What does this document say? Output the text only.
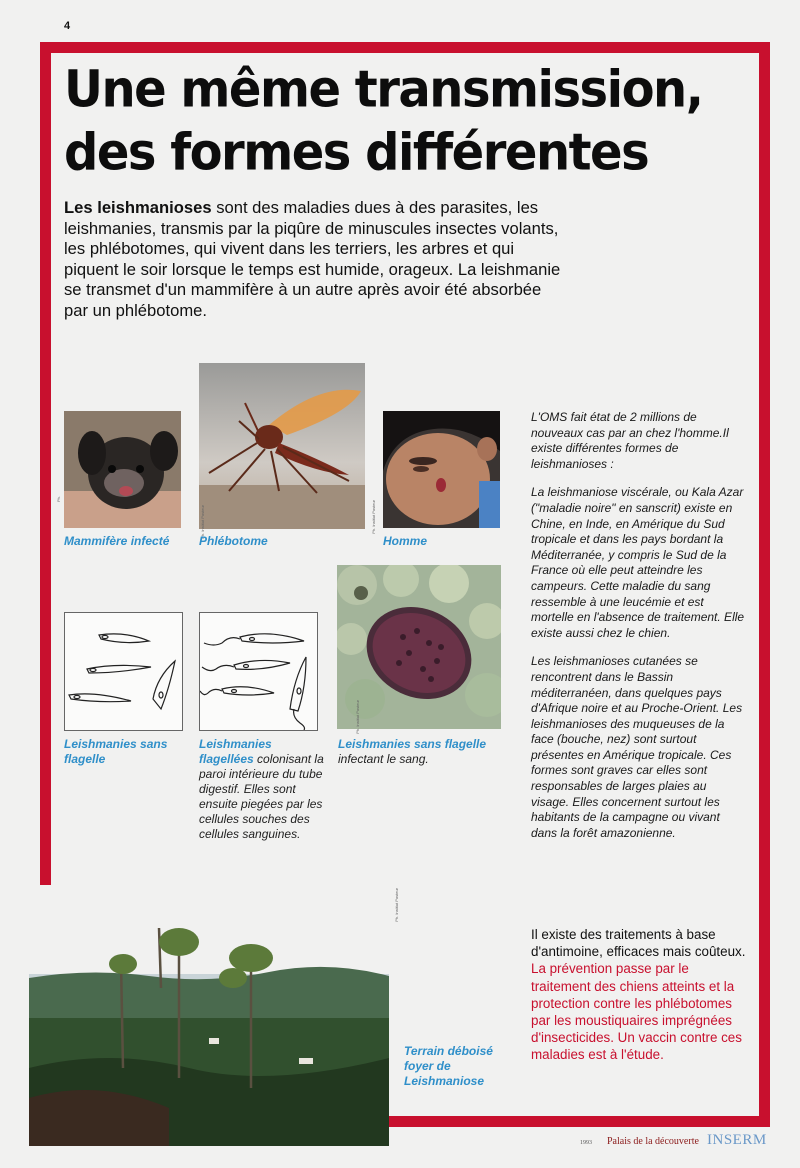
4
Une même transmission,
des formes différentes
Les leishmanioses sont des maladies dues à des parasites, les leishmanies, transmis par la piqûre de minuscules insectes volants, les phlébotomes, qui vivent dans les terriers, les arbres et qui piquent le soir lorsque le temps est humide, orageux. La leishmanie se transmet d'un mammifère à un autre après avoir été absorbée par un phlébotome.
Ph.
Ph. Institut Pasteur	Ph. Institut Pasteur
Mammifère infecté Phlébotome	Homme
Ph. Institut Pasteur
Leishmanies sans flagelle
Leishmanies flagellées colonisant la paroi intérieure du tube digestif. Elles sont ensuite piegées par les cellules souches des cellules sanguines.
Leishmanies sans flagelle infectant le sang.

L'OMS fait état de 2 millions de nouveaux cas par an chez l'homme.Il existe différentes formes de leishmanioses :

La leishmaniose viscérale, ou Kala Azar ("maladie noire" en sanscrit) existe en Chine, en Inde, en Amérique du Sud tropicale et dans les pays bordant la Méditerranée, y compris le Sud de la France où elle peut atteindre les campeurs. Cette maladie du sang ressemble à une leucémie et est mortelle en l'absence de traitement. Elle existe aussi chez le chien.

Les leishmanioses cutanées se rencontrent dans le Bassin méditerranéen, dans quelques pays d'Afrique noire et au Proche-Orient. Les leishmanioses des muqueuses de la face (bouche, nez) sont surtout présentes en Amérique tropicale. Ces formes sont graves car elles sont responsables de larges plaies au visage. Elles concernent surtout les habitants de la campagne ou vivant dans la forêt amazonienne.

Il existe des traitements à base d'antimoine, efficaces mais coûteux.
La prévention passe par le traitement des chiens atteints et la protection contre les phlébotomes par les moustiquaires imprégnées d'insecticides. Un vaccin contre ces maladies est à l'étude.
Terrain déboisé foyer de Leishmaniose
Ph. Institut Pasteur
1993 Palais de la découverte INSERM
